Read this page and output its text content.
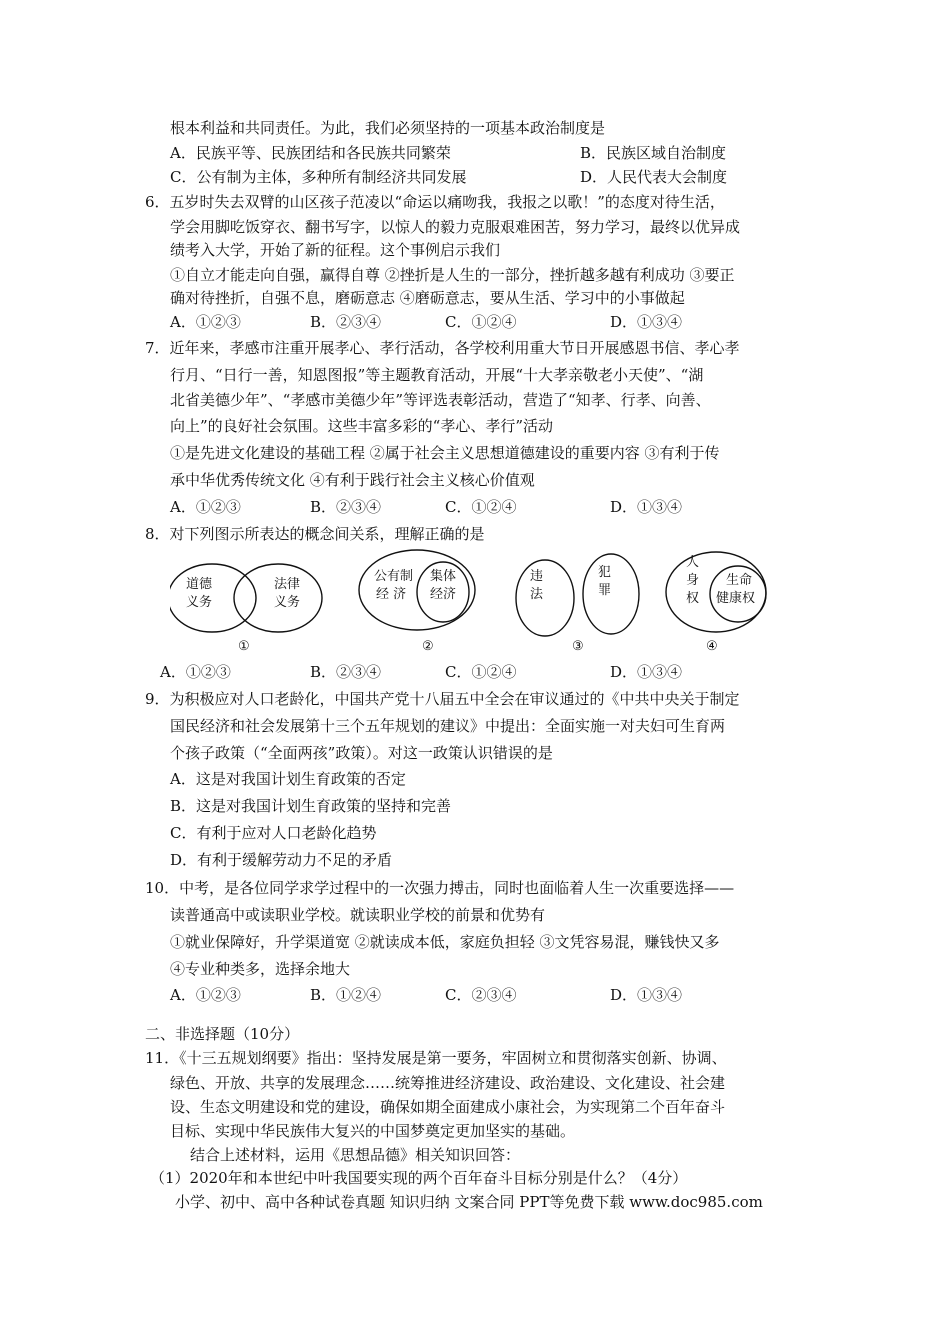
根本利益和共同责任。为此，我们必须坚持的一项基本政治制度是
A．民族平等、民族团结和各民族共同繁荣	B．民族区域自治制度
C．公有制为主体，多种所有制经济共同发展	D．人民代表大会制度
6．五岁时失去双臂的山区孩子范凌以“命运以痛吻我，我报之以歌！”的态度对待生活，
学会用脚吃饭穿衣、翻书写字，以惊人的毅力克服艰难困苦，努力学习，最终以优异成
绩考入大学，开始了新的征程。这个事例启示我们
①自立才能走向自强，赢得自尊 ②挫折是人生的一部分，挫折越多越有利成功 ③要正
确对待挫折，自强不息，磨砺意志 ④磨砺意志，要从生活、学习中的小事做起
A．①②③	B．②③④	C．①②④	D．①③④
7．近年来，孝感市注重开展孝心、孝行活动，各学校利用重大节日开展感恩书信、孝心孝
行月、“日行一善，知恩图报”等主题教育活动，开展“十大孝亲敬老小天使”、“湖
北省美德少年”、“孝感市美德少年”等评选表彰活动，营造了“知孝、行孝、向善、
向上”的良好社会氛围。这些丰富多彩的“孝心、孝行”活动
①是先进文化建设的基础工程 ②属于社会主义思想道德建设的重要内容 ③有利于传
承中华优秀传统文化 ④有利于践行社会主义核心价值观
A．①②③	B．②③④	C．①②④	D．①③④
8．对下列图示所表达的概念间关系，理解正确的是
道德
义务
法律
义务
①
公有制
经 济
集体
经济
②
违
法
犯
罪
③
人
身
权
生命
健康权
④
A．①②③	B．②③④	C．①②④	D．①③④
9．为积极应对人口老龄化，中国共产党十八届五中全会在审议通过的《中共中央关于制定
国民经济和社会发展第十三个五年规划的建议》中提出：全面实施一对夫妇可生育两
个孩子政策（“全面两孩”政策）。对这一政策认识错误的是
A．这是对我国计划生育政策的否定
B．这是对我国计划生育政策的坚持和完善
C．有利于应对人口老龄化趋势
D．有利于缓解劳动力不足的矛盾
10．中考，是各位同学求学过程中的一次强力搏击，同时也面临着人生一次重要选择——
读普通高中或读职业学校。就读职业学校的前景和优势有
①就业保障好，升学渠道宽 ②就读成本低，家庭负担轻 ③文凭容易混，赚钱快又多
④专业种类多，选择余地大
A．①②③	B．①②④	C．②③④	D．①③④
二、非选择题（10分）
11．《十三五规划纲要》指出：坚持发展是第一要务，牢固树立和贯彻落实创新、协调、
绿色、开放、共享的发展理念……统筹推进经济建设、政治建设、文化建设、社会建
设、生态文明建设和党的建设，确保如期全面建成小康社会，为实现第二个百年奋斗
目标、实现中华民族伟大复兴的中国梦奠定更加坚实的基础。
结合上述材料，运用《思想品德》相关知识回答：
（1）2020年和本世纪中叶我国要实现的两个百年奋斗目标分别是什么？（4分）
小学、初中、高中各种试卷真题 知识归纳 文案合同 PPT等免费下载 www.doc985.com
